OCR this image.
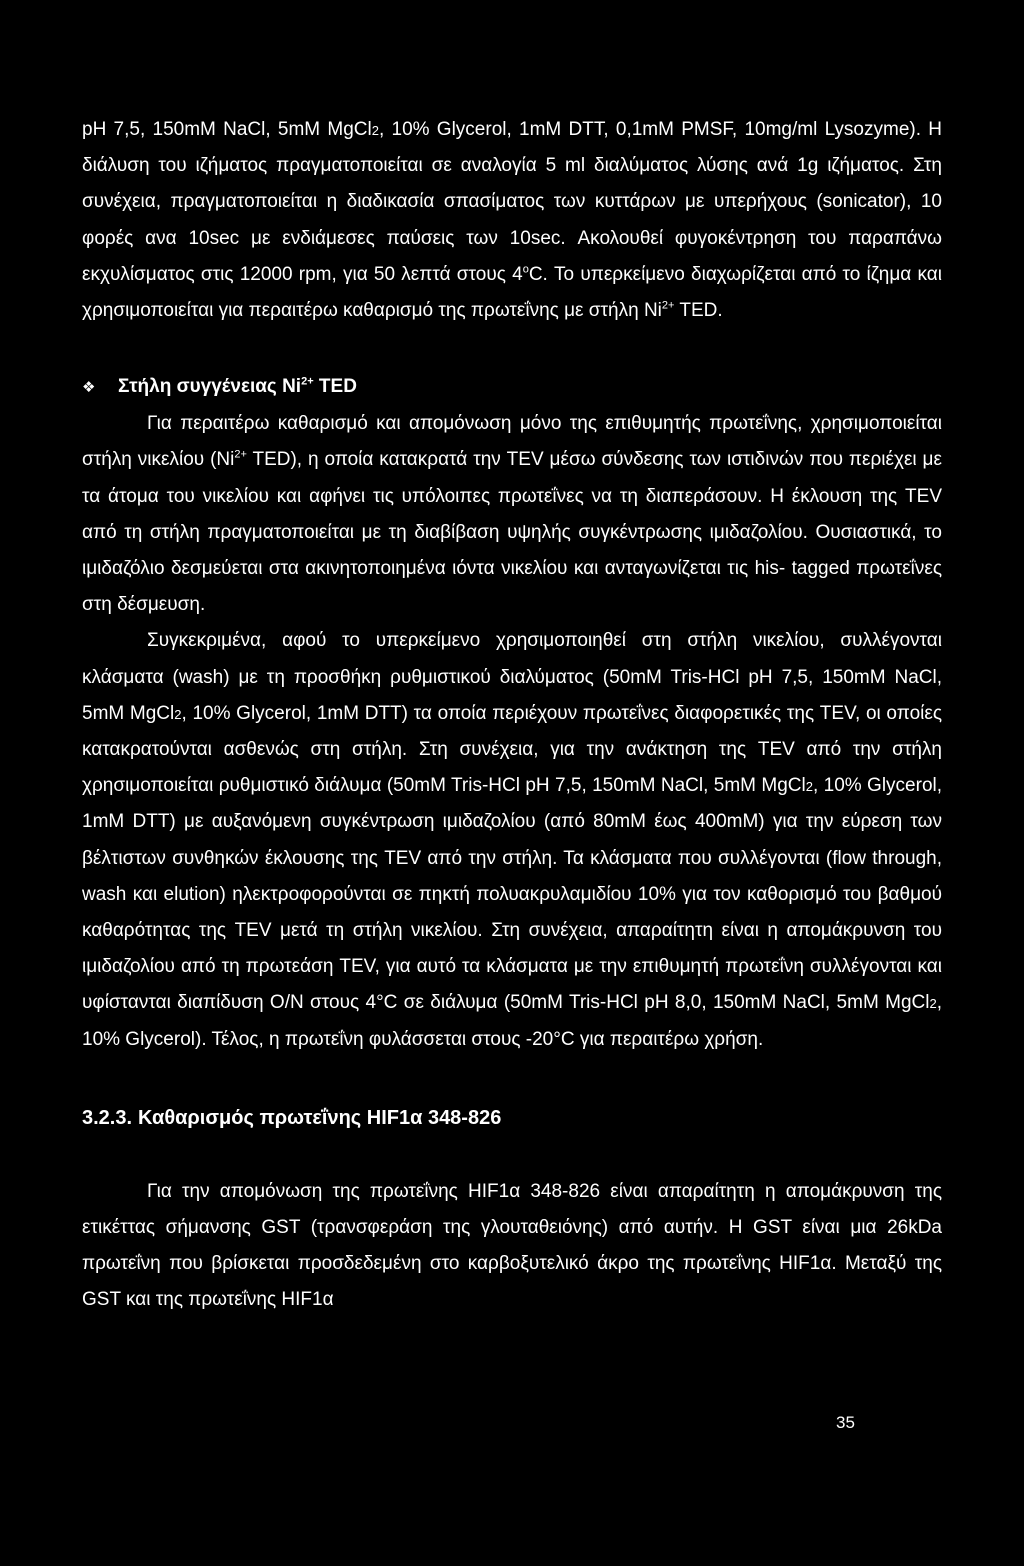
pH 7,5, 150mM NaCl, 5mM MgCl2, 10% Glycerol, 1mM DTT, 0,1mM PMSF, 10mg/ml Lysozyme). Η διάλυση του ιζήματος πραγματοποιείται σε αναλογία 5 ml διαλύματος λύσης ανά 1g ιζήματος. Στη συνέχεια, πραγματοποιείται η διαδικασία σπασίματος των κυττάρων με υπερήχους (sonicator), 10 φορές ανα 10sec με ενδιάμεσες παύσεις των 10sec. Ακολουθεί φυγοκέντρηση του παραπάνω εκχυλίσματος στις 12000 rpm, για 50 λεπτά στους 4$^o$C. Το υπερκείμενο διαχωρίζεται από το ίζημα και χρησιμοποιείται για περαιτέρω καθαρισμό της πρωτεΐνης με στήλη $Ni^{2+}$ TED.

❖	Στήλη συγγένειας $Ni^{2+}$ TED

Για περαιτέρω καθαρισμό και απομόνωση μόνο της επιθυμητής πρωτεΐνης, χρησιμοποιείται στήλη νικελίου ($Ni^{2+}$ TED), η οποία κατακρατά την TEV μέσω σύνδεσης των ιστιδινών που περιέχει με τα άτομα του νικελίου και αφήνει τις υπόλοιπες πρωτεΐνες να τη διαπεράσουν. Η έκλουση της TEV από τη στήλη πραγματοποιείται με τη διαβίβαση υψηλής συγκέντρωσης ιμιδαζολίου. Ουσιαστικά, το ιμιδαζόλιο δεσμεύεται στα ακινητοποιημένα ιόντα νικελίου και ανταγωνίζεται τις his- tagged πρωτεΐνες στη δέσμευση.

Συγκεκριμένα, αφού το υπερκείμενο χρησιμοποιηθεί στη στήλη νικελίου, συλλέγονται κλάσματα (wash) με τη προσθήκη ρυθμιστικού διαλύματος (50mM Tris-HCl pH 7,5, 150mM NaCl, 5mM MgCl2, 10% Glycerol, 1mM DTT) τα οποία περιέχουν πρωτεΐνες διαφορετικές της TEV, οι οποίες κατακρατούνται ασθενώς στη στήλη. Στη συνέχεια, για την ανάκτηση της TEV από την στήλη χρησιμοποιείται ρυθμιστικό διάλυμα (50mM Tris-HCl pH 7,5, 150mM NaCl, 5mM MgCl2, 10% Glycerol, 1mM DTT) με αυξανόμενη συγκέντρωση ιμιδαζολίου (από 80mM έως 400mM) για την εύρεση των βέλτιστων συνθηκών έκλουσης της TEV από την στήλη. Τα κλάσματα που συλλέγονται (flow through, wash και elution) ηλεκτροφορούνται σε πηκτή πολυακρυλαμιδίου 10% για τον καθορισμό του βαθμού καθαρότητας της TEV μετά τη στήλη νικελίου. Στη συνέχεια, απαραίτητη είναι η απομάκρυνση του ιμιδαζολίου από τη πρωτεάση TEV, για αυτό τα κλάσματα με την επιθυμητή πρωτεΐνη συλλέγονται και υφίστανται διαπίδυση O/N στους 4°C σε διάλυμα (50mM Tris-HCl pH 8,0, 150mM NaCl, 5mM MgCl2, 10% Glycerol). Τέλος, η πρωτεΐνη φυλάσσεται στους -20°C για περαιτέρω χρήση.

3.2.3. Καθαρισμός πρωτεΐνης HIF1α 348-826

Για την απομόνωση της πρωτεΐνης HIF1α 348-826 είναι απαραίτητη η απομάκρυνση της ετικέττας σήμανσης GST (τρανσφεράση της γλουταθειόνης) από αυτήν. Η GST είναι μια 26kDa πρωτεΐνη που βρίσκεται προσδεδεμένη στο καρβοξυτελικό άκρο της πρωτεΐνης HIF1α. Μεταξύ της GST και της πρωτεΐνης HIF1α

35
